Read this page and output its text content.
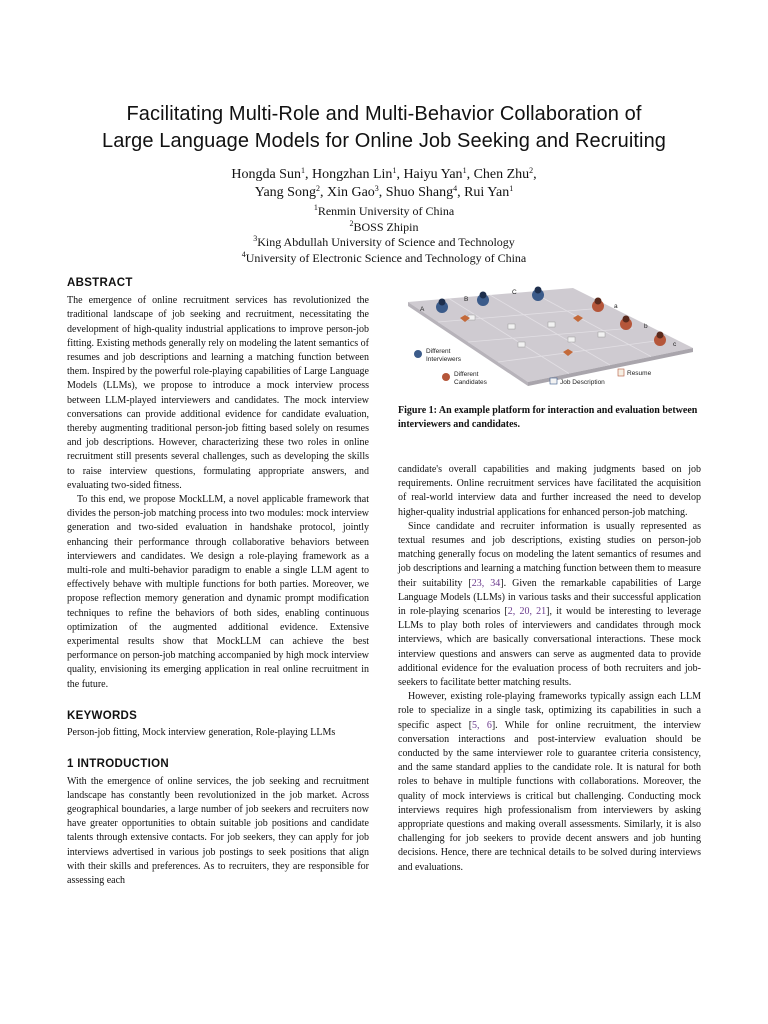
Facilitating Multi-Role and Multi-Behavior Collaboration of
Large Language Models for Online Job Seeking and Recruiting
Hongda Sun$^1$, Hongzhan Lin$^1$, Haiyu Yan$^1$, Chen Zhu$^2$,
Yang Song$^2$, Xin Gao$^3$, Shuo Shang$^4$, Rui Yan$^1$
$^1$Renmin University of China
$^2$BOSS Zhipin
$^3$King Abdullah University of Science and Technology
$^4$University of Electronic Science and Technology of China

ABSTRACT

The emergence of online recruitment services has revolutionized the traditional landscape of job seeking and recruitment, necessitating the development of high-quality industrial applications to improve person-job fitting. Existing methods generally rely on modeling the latent semantics of resumes and job descriptions and learning a matching function between them. Inspired by the powerful role-playing capabilities of Large Language Models (LLMs), we propose to introduce a mock interview process between LLM-played interviewers and candidates. The mock interview conversations can provide additional evidence for candidate evaluation, thereby augmenting traditional person-job fitting based solely on resumes and job descriptions. However, characterizing these two roles in online recruitment still presents several challenges, such as developing the skills to raise interview questions, formulating appropriate answers, and evaluating two-sided fitness.

To this end, we propose MockLLM, a novel applicable framework that divides the person-job matching process into two modules: mock interview generation and two-sided evaluation in handshake protocol, jointly enhancing their performance through collaborative behaviors between interviewers and candidates. We design a role-playing framework as a multi-role and multi-behavior paradigm to enable a single LLM agent to effectively behave with multiple functions for both parties. Moreover, we propose reflection memory generation and dynamic prompt modification techniques to refine the behaviors of both sides, enabling continuous optimization of the augmented additional evidence. Extensive experimental results show that MockLLM can achieve the best performance on person-job matching accompanied by high mock interview quality, envisioning its emerging application in real online recruitment in the future.

KEYWORDS

Person-job fitting, Mock interview generation, Role-playing LLMs

1 INTRODUCTION

With the emergence of online services, the job seeking and recruitment landscape has constantly been revolutionized in the job market. Across geographical boundaries, a large number of job seekers and recruiters now have greater opportunities to obtain suitable job positions and candidate talents through extensive contacts. For job seekers, they can apply for job interviews advertised in various job postings to seek positions that align with their skills and preferences. As to recruiters, they are responsible for assessing each

A
B
C
a
b
c
Different
Interviewers
Different
Candidates	Job Description
Resume
Figure 1: An example platform for interaction and evaluation between interviewers and candidates.

candidate's overall capabilities and making judgments based on job requirements. Online recruitment services have facilitated the acquisition of real-world interview data and further increased the need to develop higher-quality industrial applications for enhanced person-job matching.

Since candidate and recruiter information is usually represented as textual resumes and job descriptions, existing studies on person-job matching generally focus on modeling the latent semantics of resumes and job descriptions and learning a matching function between them to measure their suitability [23, 34]. Given the remarkable capabilities of Large Language Models (LLMs) in various tasks and their successful application in role-playing scenarios [2, 20, 21], it would be interesting to leverage LLMs to play both roles of interviewers and candidates through mock interviews, which are basically conversational interactions. These mock interview questions and answers can serve as augmented data to provide additional evidence for the evaluation process of both recruiters and job-seekers to facilitate better matching results.

However, existing role-playing frameworks typically assign each LLM role to specialize in a single task, optimizing its capabilities in such a specific aspect [5, 6]. While for online recruitment, the interview conversation interactions and post-interview evaluation should be conducted by the same interviewer role to guarantee criteria consistency, and the same standard applies to the candidate role. It is natural for both roles to behave in multiple functions with collaborations. Moreover, the quality of mock interviews is critical but challenging. Conducting mock interviews requires high professionalism from interviewers by asking appropriate questions and making overall assessments. Similarly, it is also challenging for job seekers to provide decent answers and job hunting decisions. Hence, there are technical details to be solved during interviews and evaluations.
